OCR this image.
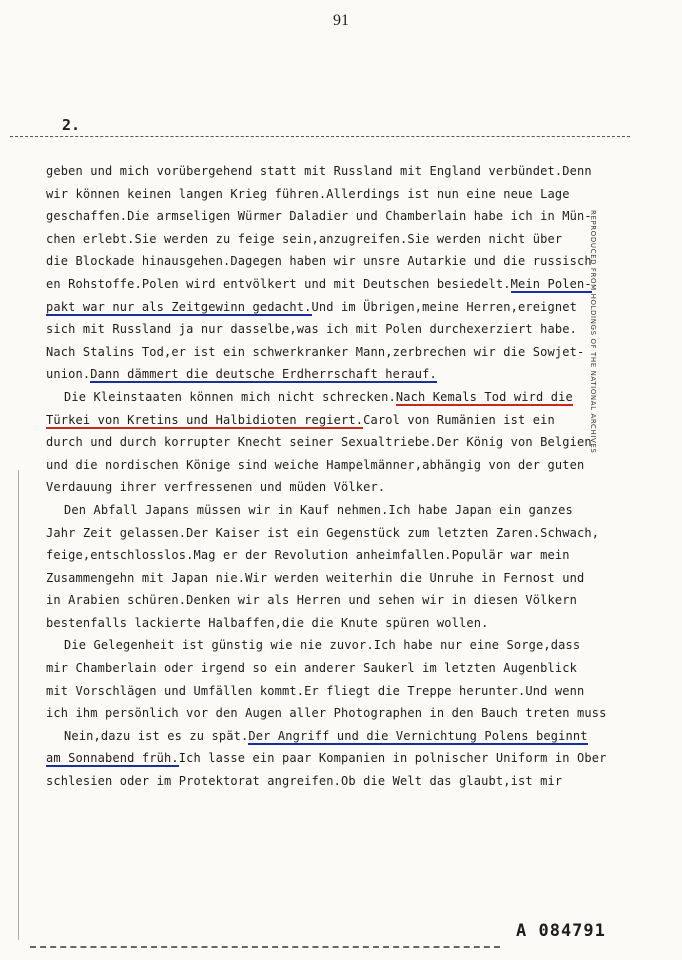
91
2.
REPRODUCED FROM HOLDINGS OF THE NATIONAL ARCHIVES
geben und mich vorübergehend statt mit Russland mit England verbündet.Denn
wir können keinen langen Krieg führen.Allerdings ist nun eine neue Lage
geschaffen.Die armseligen Würmer Daladier und Chamberlain habe ich in Mün-
chen erlebt.Sie werden zu feige sein,anzugreifen.Sie werden nicht über
die Blockade hinausgehen.Dagegen haben wir unsre Autarkie und die russisch
en Rohstoffe.Polen wird entvölkert und mit Deutschen besiedelt.Mein Polen-
pakt war nur als Zeitgewinn gedacht.Und im Übrigen,meine Herren,ereignet
sich mit Russland ja nur dasselbe,was ich mit Polen durchexerziert habe.
Nach Stalins Tod,er ist ein schwerkranker Mann,zerbrechen wir die Sowjet-
union.Dann dämmert die deutsche Erdherrschaft herauf.
Die Kleinstaaten können mich nicht schrecken.Nach Kemals Tod wird die
Türkei von Kretins und Halbidioten regiert.Carol von Rumänien ist ein
durch und durch korrupter Knecht seiner Sexualtriebe.Der König von Belgien
und die nordischen Könige sind weiche Hampelmänner,abhängig von der guten
Verdauung ihrer verfressenen und müden Völker.
Den Abfall Japans müssen wir in Kauf nehmen.Ich habe Japan ein ganzes
Jahr Zeit gelassen.Der Kaiser ist ein Gegenstück zum letzten Zaren.Schwach,
feige,entschlosslos.Mag er der Revolution anheimfallen.Populär war mein
Zusammengehn mit Japan nie.Wir werden weiterhin die Unruhe in Fernost und
in Arabien schüren.Denken wir als Herren und sehen wir in diesen Völkern
bestenfalls lackierte Halbaffen,die die Knute spüren wollen.
Die Gelegenheit ist günstig wie nie zuvor.Ich habe nur eine Sorge,dass
mir Chamberlain oder irgend so ein anderer Saukerl im letzten Augenblick
mit Vorschlägen und Umfällen kommt.Er fliegt die Treppe herunter.Und wenn
ich ihm persönlich vor den Augen aller Photographen in den Bauch treten muss
Nein,dazu ist es zu spät.Der Angriff und die Vernichtung Polens beginnt
am Sonnabend früh.Ich lasse ein paar Kompanien in polnischer Uniform in Ober
schlesien oder im Protektorat angreifen.Ob die Welt das glaubt,ist mir
A 084791
